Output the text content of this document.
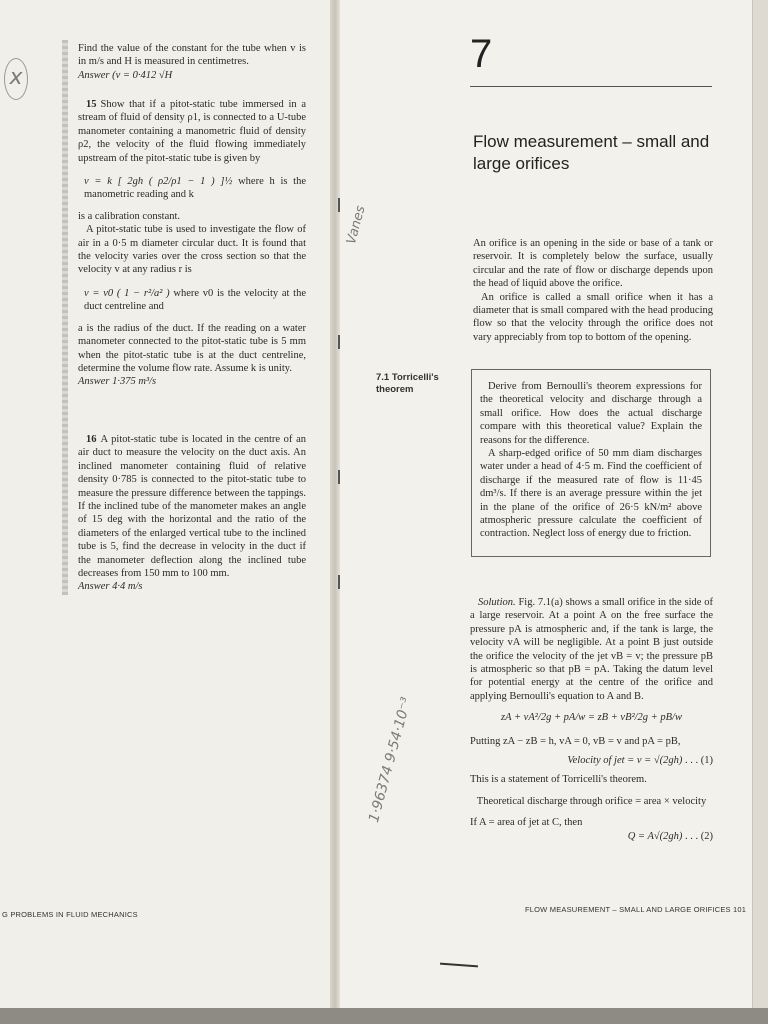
x

Find the value of the constant for the tube when v is in m/s and H is measured in centimetres.

Answer (v = 0·412 √H

15 Show that if a pitot-static tube immersed in a stream of fluid of density ρ1, is connected to a U-tube manometer containing a manometric fluid of density ρ2, the velocity of the fluid flowing immediately upstream of the pitot-static tube is given by

v = k [ 2gh ( ρ2/ρ1 − 1 ) ]½ where h is the manometric reading and k

is a calibration constant.

A pitot-static tube is used to investigate the flow of air in a 0·5 m diameter circular duct. It is found that the velocity varies over the cross section so that the velocity v at any radius r is

v = v0 ( 1 − r²/a² ) where v0 is the velocity at the duct centreline and

a is the radius of the duct. If the reading on a water manometer connected to the pitot-static tube is 5 mm when the pitot-static tube is at the duct centreline, determine the volume flow rate. Assume k is unity.

Answer 1·375 m³/s

16 A pitot-static tube is located in the centre of an air duct to measure the velocity on the duct axis. An inclined manometer containing fluid of relative density 0·785 is connected to the pitot-static tube to measure the pressure difference between the tappings. If the inclined tube of the manometer makes an angle of 15 deg with the horizontal and the ratio of the diameters of the enlarged vertical tube to the inclined tube is 5, find the decrease in velocity in the duct if the manometer deflection along the inclined tube decreases from 150 mm to 100 mm.

Answer 4·4 m/s

G PROBLEMS IN FLUID MECHANICS
7
Flow measurement – small and large orifices
Vanes	An orifice is an opening in the side or base of a tank or reservoir. It is completely below the surface, usually circular and the rate of flow or discharge depends upon the head of liquid above the orifice.

An orifice is called a small orifice when it has a diameter that is small compared with the head producing flow so that the velocity through the orifice does not vary appreciably from top to bottom of the opening.

7.1 Torricelli's theorem	Derive from Bernoulli's theorem expressions for the theoretical velocity and discharge through a small orifice. How does the actual discharge compare with this theoretical value? Explain the reasons for the difference.

A sharp-edged orifice of 50 mm diam discharges water under a head of 4·5 m. Find the coefficient of discharge if the measured rate of flow is 11·45 dm³/s. If there is an average pressure within the jet in the plane of the orifice of 26·5 kN/m² above atmospheric pressure calculate the coefficient of contraction. Neglect loss of energy due to friction.

1·96374 9·54·10⁻³

Solution. Fig. 7.1(a) shows a small orifice in the side of a large reservoir. At a point A on the free surface the pressure pA is atmospheric and, if the tank is large, the velocity vA will be negligible. At a point B just outside the orifice the velocity of the jet vB = v; the pressure pB is atmospheric so that pB = pA. Taking the datum level for potential energy at the centre of the orifice and applying Bernoulli's equation to A and B.

zA + vA²/2g + pA/w = zB + vB²/2g + pB/w

Putting zA − zB = h, vA = 0, vB = v and pA = pB,

Velocity of jet = v = √(2gh) . . . (1)

This is a statement of Torricelli's theorem.

Theoretical discharge through orifice = area × velocity

If A = area of jet at C, then

Q = A√(2gh) . . . (2)

FLOW MEASUREMENT – SMALL AND LARGE ORIFICES 101
